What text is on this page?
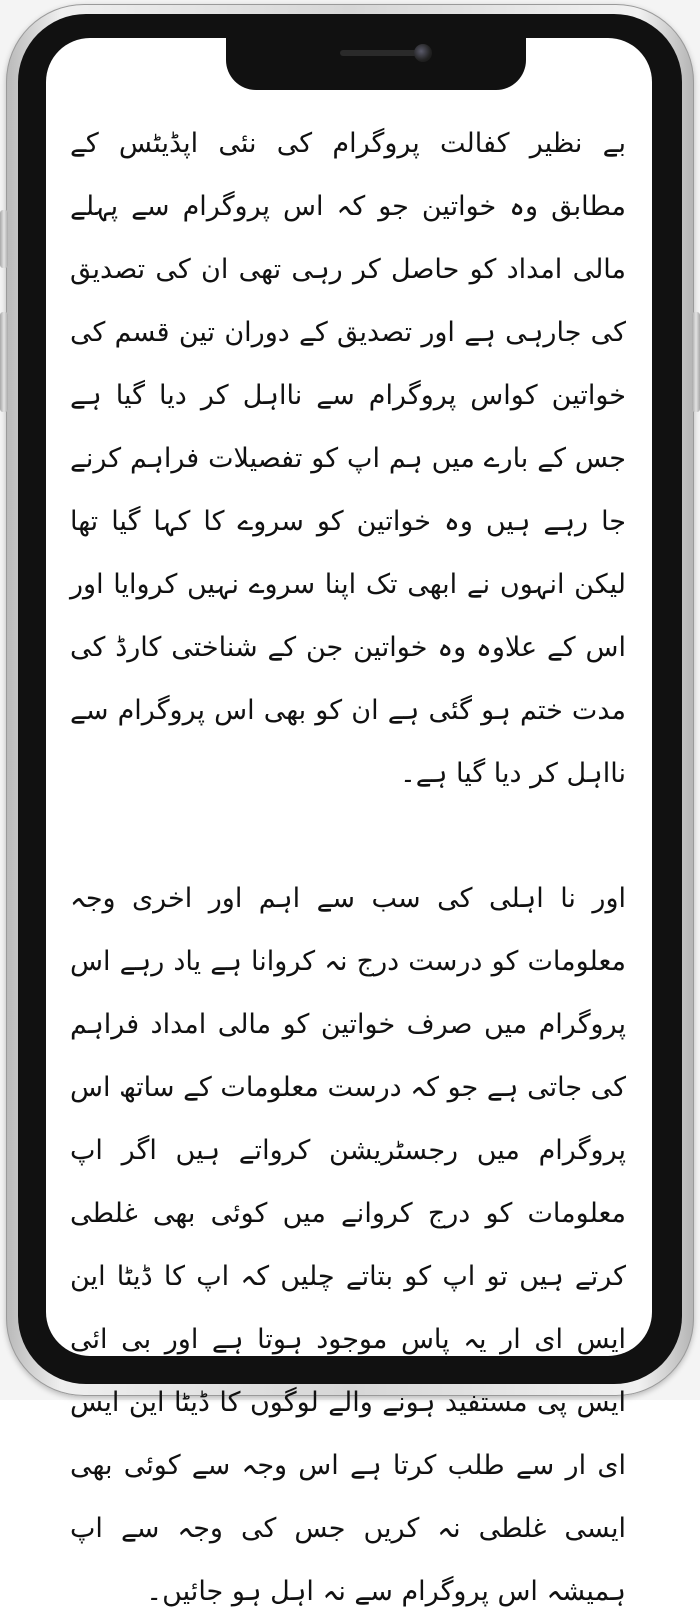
بے نظیر کفالت پروگرام کی نئی اپڈیٹس کے مطابق وہ خواتین جو کہ اس پروگرام سے پہلے مالی امداد کو حاصل کر رہی تھی ان کی تصدیق کی جارہی ہے اور تصدیق کے دوران تین قسم کی خواتین کواس پروگرام سے نااہل کر دیا گیا ہے جس کے بارے میں ہم اپ کو تفصیلات فراہم کرنے جا رہے ہیں وہ خواتین کو سروے کا کہا گیا تھا لیکن انہوں نے ابھی تک اپنا سروے نہیں کروایا اور اس کے علاوہ وہ خواتین جن کے شناختی کارڈ کی مدت ختم ہو گئی ہے ان کو بھی اس پروگرام سے نااہل کر دیا گیا ہے۔

اور نا اہلی کی سب سے اہم اور اخری وجہ معلومات کو درست درج نہ کروانا ہے یاد رہے اس پروگرام میں صرف خواتین کو مالی امداد فراہم کی جاتی ہے جو کہ درست معلومات کے ساتھ اس پروگرام میں رجسٹریشن کرواتے ہیں اگر اپ معلومات کو درج کروانے میں کوئی بھی غلطی کرتے ہیں تو اپ کو بتاتے چلیں کہ اپ کا ڈیٹا این ایس ای ار یہ پاس موجود ہوتا ہے اور بی ائی ایس پی مستفید ہونے والے لوگوں کا ڈیٹا این ایس ای ار سے طلب کرتا ہے اس وجہ سے کوئی بھی ایسی غلطی نہ کریں جس کی وجہ سے اپ ہمیشہ اس پروگرام سے نہ اہل ہو جائیں۔
